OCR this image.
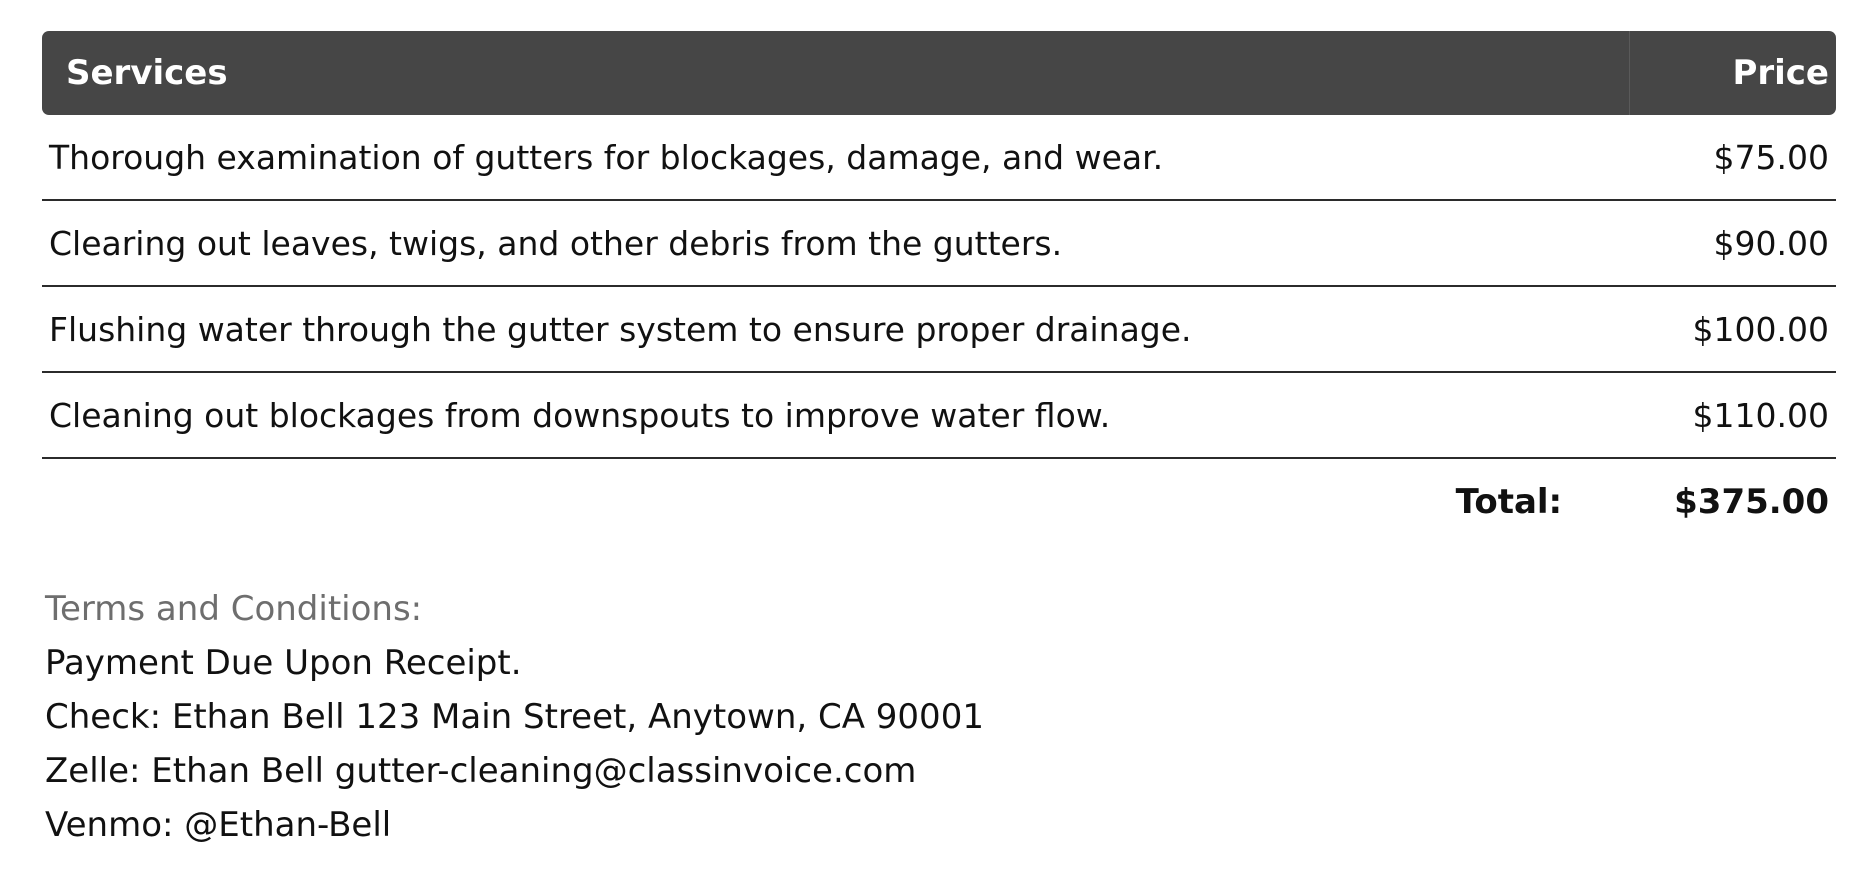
Services	Price
Thorough examination of gutters for blockages, damage, and wear.	$75.00
Clearing out leaves, twigs, and other debris from the gutters.	$90.00
Flushing water through the gutter system to ensure proper drainage.	$100.00
Cleaning out blockages from downspouts to improve water flow.	$110.00
Total:	$375.00
Terms and Conditions:
Payment Due Upon Receipt.
Check: Ethan Bell 123 Main Street, Anytown, CA 90001
Zelle: Ethan Bell gutter-cleaning@classinvoice.com
Venmo: @Ethan-Bell
